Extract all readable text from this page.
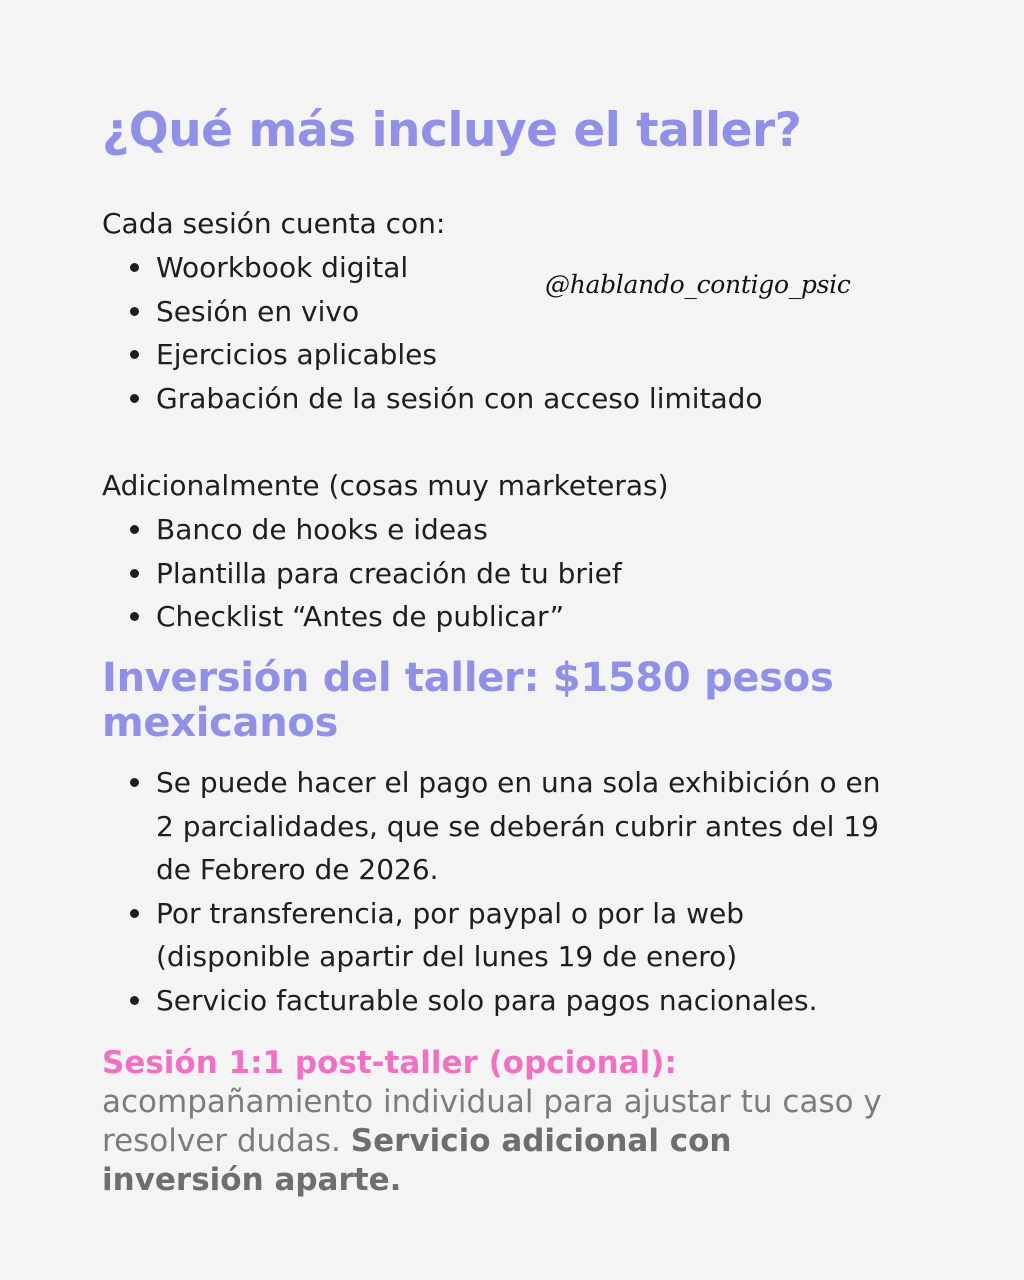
¿Qué más incluye el taller?
@hablando_contigo_psic

Cada sesión cuenta con:

Woorkbook digital
Sesión en vivo
Ejercicios aplicables
Grabación de la sesión con acceso limitado

Adicionalmente (cosas muy marketeras)

Banco de hooks e ideas
Plantilla para creación de tu brief
Checklist “Antes de publicar”
Inversión del taller: $1580 pesos mexicanos
Se puede hacer el pago en una sola exhibición o en 2 parcialidades, que se deberán cubrir antes del 19 de Febrero de 2026.
Por transferencia, por paypal o por la web (disponible apartir del lunes 19 de enero)
Servicio facturable solo para pagos nacionales.

Sesión 1:1 post-taller (opcional):
acompañamiento individual para ajustar tu caso y resolver dudas. Servicio adicional con inversión aparte.
